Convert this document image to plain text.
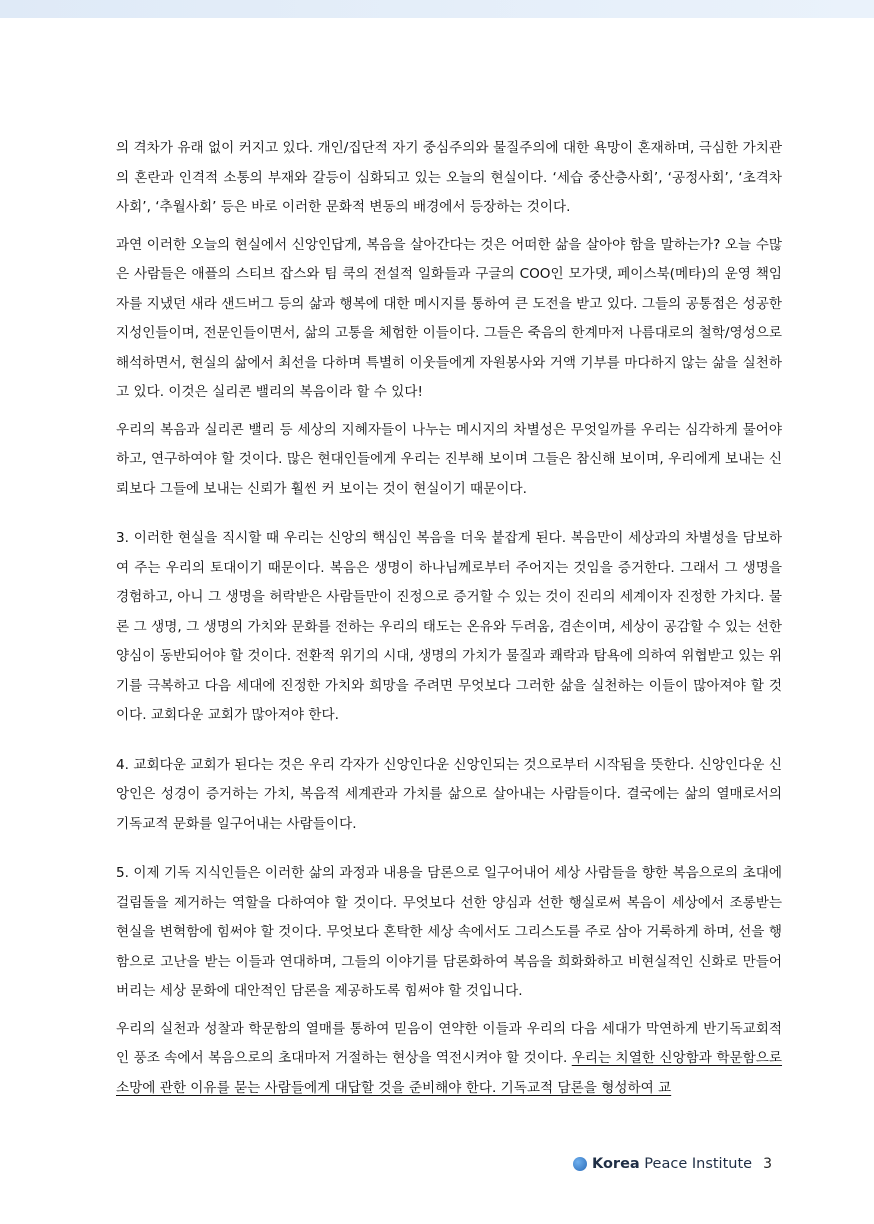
의 격차가 유래 없이 커지고 있다. 개인/집단적 자기 중심주의와 물질주의에 대한 욕망이 혼재하며, 극심한 가치관의 혼란과 인격적 소통의 부재와 갈등이 심화되고 있는 오늘의 현실이다. ‘세습 중산층사회’, ‘공정사회’, ‘초격차사회’, ‘추월사회’ 등은 바로 이러한 문화적 변동의 배경에서 등장하는 것이다.

과연 이러한 오늘의 현실에서 신앙인답게, 복음을 살아간다는 것은 어떠한 삶을 살아야 함을 말하는가? 오늘 수많은 사람들은 애플의 스티브 잡스와 팀 쿡의 전설적 일화들과 구글의 COO인 모가댓, 페이스북(메타)의 운영 책임자를 지냈던 새라 샌드버그 등의 삶과 행복에 대한 메시지를 통하여 큰 도전을 받고 있다. 그들의 공통점은 성공한 지성인들이며, 전문인들이면서, 삶의 고통을 체험한 이들이다. 그들은 죽음의 한계마저 나름대로의 철학/영성으로 해석하면서, 현실의 삶에서 최선을 다하며 특별히 이웃들에게 자원봉사와 거액 기부를 마다하지 않는 삶을 실천하고 있다. 이것은 실리콘 밸리의 복음이라 할 수 있다!

우리의 복음과 실리콘 밸리 등 세상의 지혜자들이 나누는 메시지의 차별성은 무엇일까를 우리는 심각하게 물어야 하고, 연구하여야 할 것이다. 많은 현대인들에게 우리는 진부해 보이며 그들은 참신해 보이며, 우리에게 보내는 신뢰보다 그들에 보내는 신뢰가 훨씬 커 보이는 것이 현실이기 때문이다.

3. 이러한 현실을 직시할 때 우리는 신앙의 핵심인 복음을 더욱 붙잡게 된다. 복음만이 세상과의 차별성을 담보하여 주는 우리의 토대이기 때문이다. 복음은 생명이 하나님께로부터 주어지는 것임을 증거한다. 그래서 그 생명을 경험하고, 아니 그 생명을 허락받은 사람들만이 진정으로 증거할 수 있는 것이 진리의 세계이자 진정한 가치다. 물론 그 생명, 그 생명의 가치와 문화를 전하는 우리의 태도는 온유와 두려움, 겸손이며, 세상이 공감할 수 있는 선한 양심이 동반되어야 할 것이다. 전환적 위기의 시대, 생명의 가치가 물질과 쾌락과 탐욕에 의하여 위협받고 있는 위기를 극복하고 다음 세대에 진정한 가치와 희망을 주려면 무엇보다 그러한 삶을 실천하는 이들이 많아져야 할 것이다. 교회다운 교회가 많아져야 한다.

4. 교회다운 교회가 된다는 것은 우리 각자가 신앙인다운 신앙인되는 것으로부터 시작됨을 뜻한다. 신앙인다운 신앙인은 성경이 증거하는 가치, 복음적 세계관과 가치를 삶으로 살아내는 사람들이다. 결국에는 삶의 열매로서의 기독교적 문화를 일구어내는 사람들이다.

5. 이제 기독 지식인들은 이러한 삶의 과정과 내용을 담론으로 일구어내어 세상 사람들을 향한 복음으로의 초대에 걸림돌을 제거하는 역할을 다하여야 할 것이다. 무엇보다 선한 양심과 선한 행실로써 복음이 세상에서 조롱받는 현실을 변혁함에 힘써야 할 것이다. 무엇보다 혼탁한 세상 속에서도 그리스도를 주로 삼아 거룩하게 하며, 선을 행함으로 고난을 받는 이들과 연대하며, 그들의 이야기를 담론화하여 복음을 희화화하고 비현실적인 신화로 만들어 버리는 세상 문화에 대안적인 담론을 제공하도록 힘써야 할 것입니다.

우리의 실천과 성찰과 학문함의 열매를 통하여 믿음이 연약한 이들과 우리의 다음 세대가 막연하게 반기독교회적인 풍조 속에서 복음으로의 초대마저 거절하는 현상을 역전시켜야 할 것이다. 우리는 치열한 신앙함과 학문함으로 소망에 관한 이유를 묻는 사람들에게 대답할 것을 준비해야 한다. 기독교적 담론을 형성하여 교

Korea Peace Institute 3
